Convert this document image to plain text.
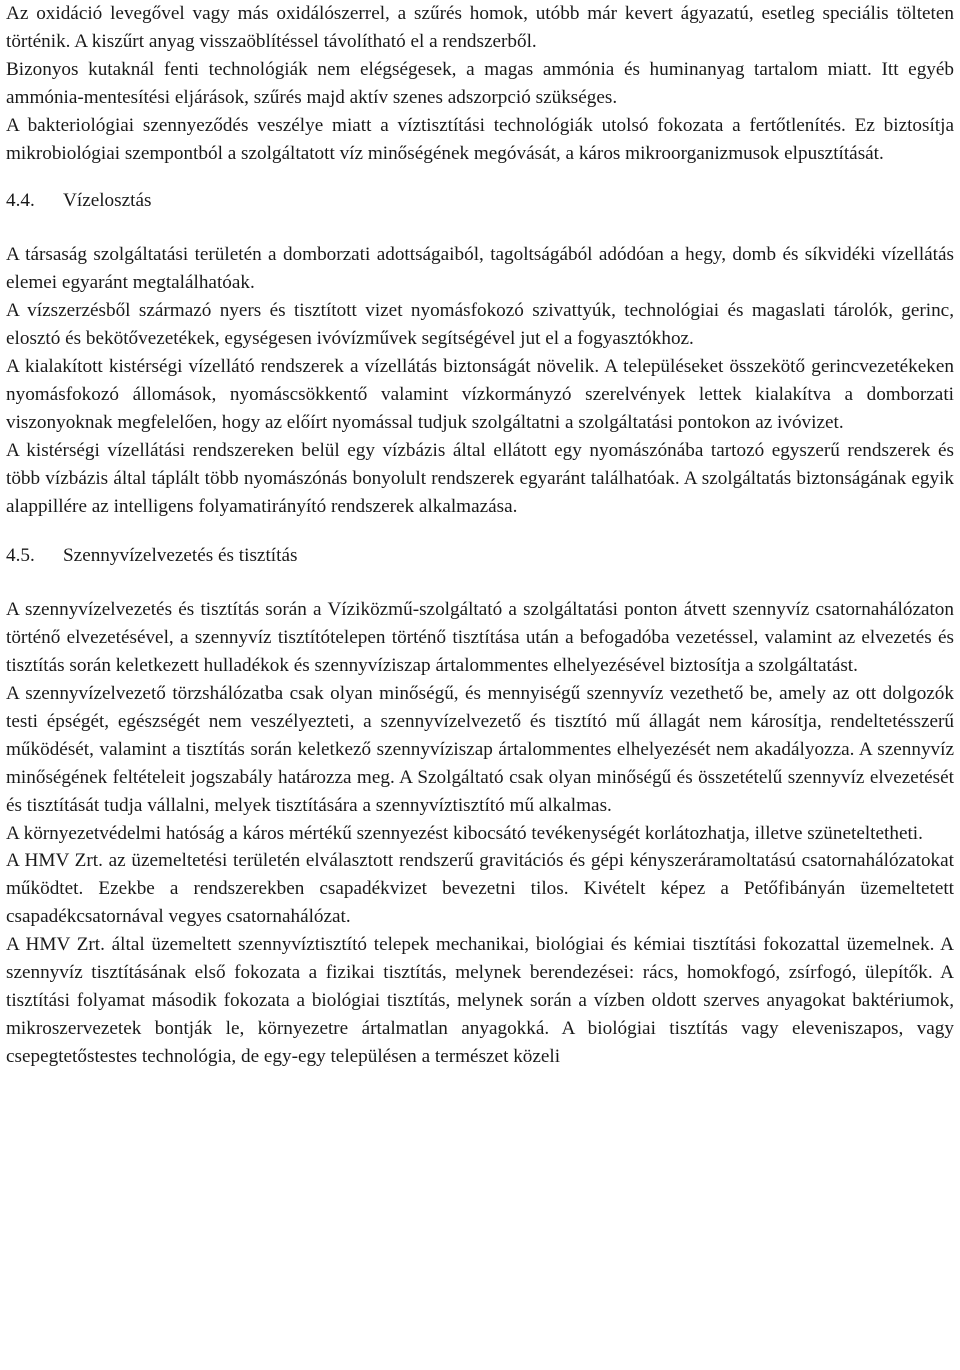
Az oxidáció levegővel vagy más oxidálószerrel, a szűrés homok, utóbb már kevert ágyazatú, esetleg speciális tölteten történik. A kiszűrt anyag visszaöblítéssel távolítható el a rendszerből.

Bizonyos kutaknál fenti technológiák nem elégségesek, a magas ammónia és huminanyag tartalom miatt. Itt egyéb ammónia-mentesítési eljárások, szűrés majd aktív szenes adszorpció szükséges.

A bakteriológiai szennyeződés veszélye miatt a víztisztítási technológiák utolsó fokozata a fertőtlenítés. Ez biztosítja mikrobiológiai szempontból a szolgáltatott víz minőségének megóvását, a káros mikroorganizmusok elpusztítását.

4.4.	Vízelosztás

A társaság szolgáltatási területén a domborzati adottságaiból, tagoltságából adódóan a hegy, domb és síkvidéki vízellátás elemei egyaránt megtalálhatóak.

A vízszerzésből származó nyers és tisztított vizet nyomásfokozó szivattyúk, technológiai és magaslati tárolók, gerinc, elosztó és bekötővezetékek, egységesen ivóvízművek segítségével jut el a fogyasztókhoz.

A kialakított kistérségi vízellátó rendszerek a vízellátás biztonságát növelik. A településeket összekötő gerincvezetékeken nyomásfokozó állomások, nyomáscsökkentő valamint vízkormányzó szerelvények lettek kialakítva a domborzati viszonyoknak megfelelően, hogy az előírt nyomással tudjuk szolgáltatni a szolgáltatási pontokon az ivóvizet.

A kistérségi vízellátási rendszereken belül egy vízbázis által ellátott egy nyomászónába tartozó egyszerű rendszerek és több vízbázis által táplált több nyomászónás bonyolult rendszerek egyaránt találhatóak. A szolgáltatás biztonságának egyik alappillére az intelligens folyamatirányító rendszerek alkalmazása.

4.5.	Szennyvízelvezetés és tisztítás

A szennyvízelvezetés és tisztítás során a Víziközmű-szolgáltató a szolgáltatási ponton átvett szennyvíz csatornahálózaton történő elvezetésével, a szennyvíz tisztítótelepen történő tisztítása után a befogadóba vezetéssel, valamint az elvezetés és tisztítás során keletkezett hulladékok és szennyvíziszap ártalommentes elhelyezésével biztosítja a szolgáltatást.

A szennyvízelvezető törzshálózatba csak olyan minőségű, és mennyiségű szennyvíz vezethető be, amely az ott dolgozók testi épségét, egészségét nem veszélyezteti, a szennyvízelvezető és tisztító mű állagát nem károsítja, rendeltetésszerű működését, valamint a tisztítás során keletkező szennyvíziszap ártalommentes elhelyezését nem akadályozza. A szennyvíz minőségének feltételeit jogszabály határozza meg. A Szolgáltató csak olyan minőségű és összetételű szennyvíz elvezetését és tisztítását tudja vállalni, melyek tisztítására a szennyvíztisztító mű alkalmas.

A környezetvédelmi hatóság a káros mértékű szennyezést kibocsátó tevékenységét korlátozhatja, illetve szüneteltetheti.

A HMV Zrt. az üzemeltetési területén elválasztott rendszerű gravitációs és gépi kényszeráramoltatású csatornahálózatokat működtet. Ezekbe a rendszerekben csapadékvizet bevezetni tilos. Kivételt képez a Petőfibányán üzemeltetett csapadékcsatornával vegyes csatornahálózat.

A HMV Zrt. által üzemeltett szennyvíztisztító telepek mechanikai, biológiai és kémiai tisztítási fokozattal üzemelnek. A szennyvíz tisztításának első fokozata a fizikai tisztítás, melynek berendezései: rács, homokfogó, zsírfogó, ülepítők. A tisztítási folyamat második fokozata a biológiai tisztítás, melynek során a vízben oldott szerves anyagokat baktériumok, mikroszervezetek bontják le, környezetre ártalmatlan anyagokká. A biológiai tisztítás vagy eleveniszapos, vagy csepegtetőstestes technológia, de egy-egy településen a természet közeli
